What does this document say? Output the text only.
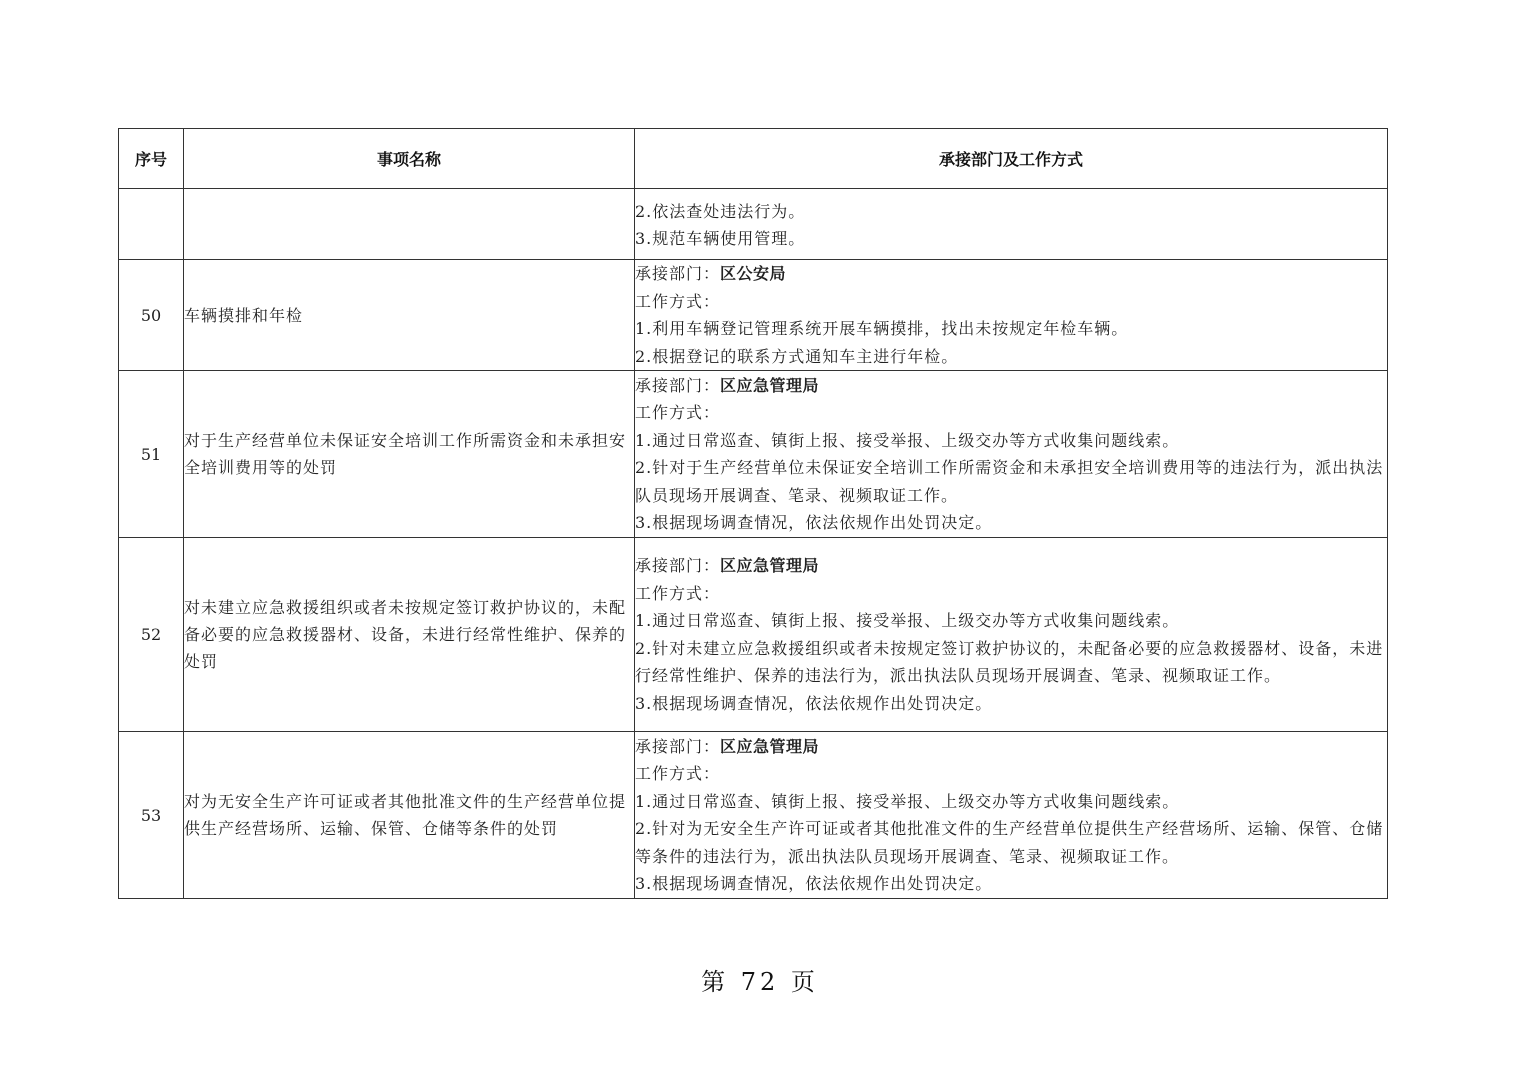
序号	事项名称	承接部门及工作方式

		2.依法查处违法行为。
3.规范车辆使用管理。

50	车辆摸排和年检	承接部门：区公安局
工作方式：
1.利用车辆登记管理系统开展车辆摸排，找出未按规定年检车辆。
2.根据登记的联系方式通知车主进行年检。

51	对于生产经营单位未保证安全培训工作所需资金和未承担安全培训费用等的处罚	承接部门：区应急管理局
工作方式：
1.通过日常巡查、镇街上报、接受举报、上级交办等方式收集问题线索。
2.针对于生产经营单位未保证安全培训工作所需资金和未承担安全培训费用等的违法行为，派出执法队员现场开展调查、笔录、视频取证工作。
3.根据现场调查情况，依法依规作出处罚决定。

52	对未建立应急救援组织或者未按规定签订救护协议的，未配备必要的应急救援器材、设备，未进行经常性维护、保养的处罚	承接部门：区应急管理局
工作方式：
1.通过日常巡查、镇街上报、接受举报、上级交办等方式收集问题线索。
2.针对未建立应急救援组织或者未按规定签订救护协议的，未配备必要的应急救援器材、设备，未进行经常性维护、保养的违法行为，派出执法队员现场开展调查、笔录、视频取证工作。
3.根据现场调查情况，依法依规作出处罚决定。

53	对为无安全生产许可证或者其他批准文件的生产经营单位提供生产经营场所、运输、保管、仓储等条件的处罚	承接部门：区应急管理局
工作方式：
1.通过日常巡查、镇街上报、接受举报、上级交办等方式收集问题线索。
2.针对为无安全生产许可证或者其他批准文件的生产经营单位提供生产经营场所、运输、保管、仓储等条件的违法行为，派出执法队员现场开展调查、笔录、视频取证工作。
3.根据现场调查情况，依法依规作出处罚决定。
第 72 页
